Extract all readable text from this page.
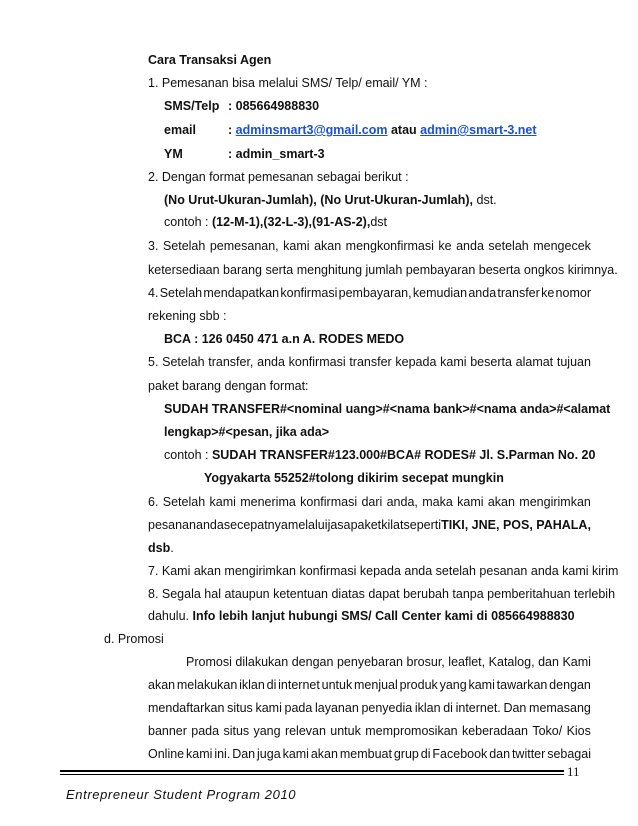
Cara Transaksi Agen
1. Pemesanan bisa melalui SMS/ Telp/ email/ YM :
SMS/Telp : 085664988830
email	: adminsmart3@gmail.com atau admin@smart-3.net
YM	: admin_smart-3
2. Dengan format pemesanan sebagai berikut :
(No Urut-Ukuran-Jumlah), (No Urut-Ukuran-Jumlah), dst.
contoh : (12-M-1),(32-L-3),(91-AS-2),dst
3. Setelah pemesanan, kami akan mengkonfirmasi ke anda setelah mengecek
ketersediaan barang serta menghitung jumlah pembayaran beserta ongkos kirimnya.
4. Setelah mendapatkan konfirmasi pembayaran, kemudian anda transfer ke nomor
rekening sbb :
BCA : 126 0450 471 a.n A. RODES MEDO
5. Setelah transfer, anda konfirmasi transfer kepada kami beserta alamat tujuan
paket barang dengan format:
SUDAH TRANSFER#<nominal uang>#<nama bank>#<nama anda>#<alamat
lengkap>#<pesan, jika ada>
contoh : SUDAH TRANSFER#123.000#BCA# RODES# Jl. S.Parman No. 20
Yogyakarta 55252#tolong dikirim secepat mungkin
6. Setelah kami menerima konfirmasi dari anda, maka kami akan mengirimkan
pesanan anda secepatnya melalui jasa paket kilat seperti TIKI, JNE, POS, PAHALA,
dsb.
7. Kami akan mengirimkan konfirmasi kepada anda setelah pesanan anda kami kirim
8. Segala hal ataupun ketentuan diatas dapat berubah tanpa pemberitahuan terlebih
dahulu. Info lebih lanjut hubungi SMS/ Call Center kami di 085664988830
d. Promosi
Promosi dilakukan dengan penyebaran brosur, leaflet, Katalog, dan Kami
akan melakukan iklan di internet untuk menjual produk yang kami tawarkan dengan
mendaftarkan situs kami pada layanan penyedia iklan di internet. Dan memasang
banner pada situs yang relevan untuk mempromosikan keberadaan Toko/ Kios
Online kami ini. Dan juga kami akan membuat grup di Facebook dan twitter sebagai
11
Entrepreneur Student Program 2010
